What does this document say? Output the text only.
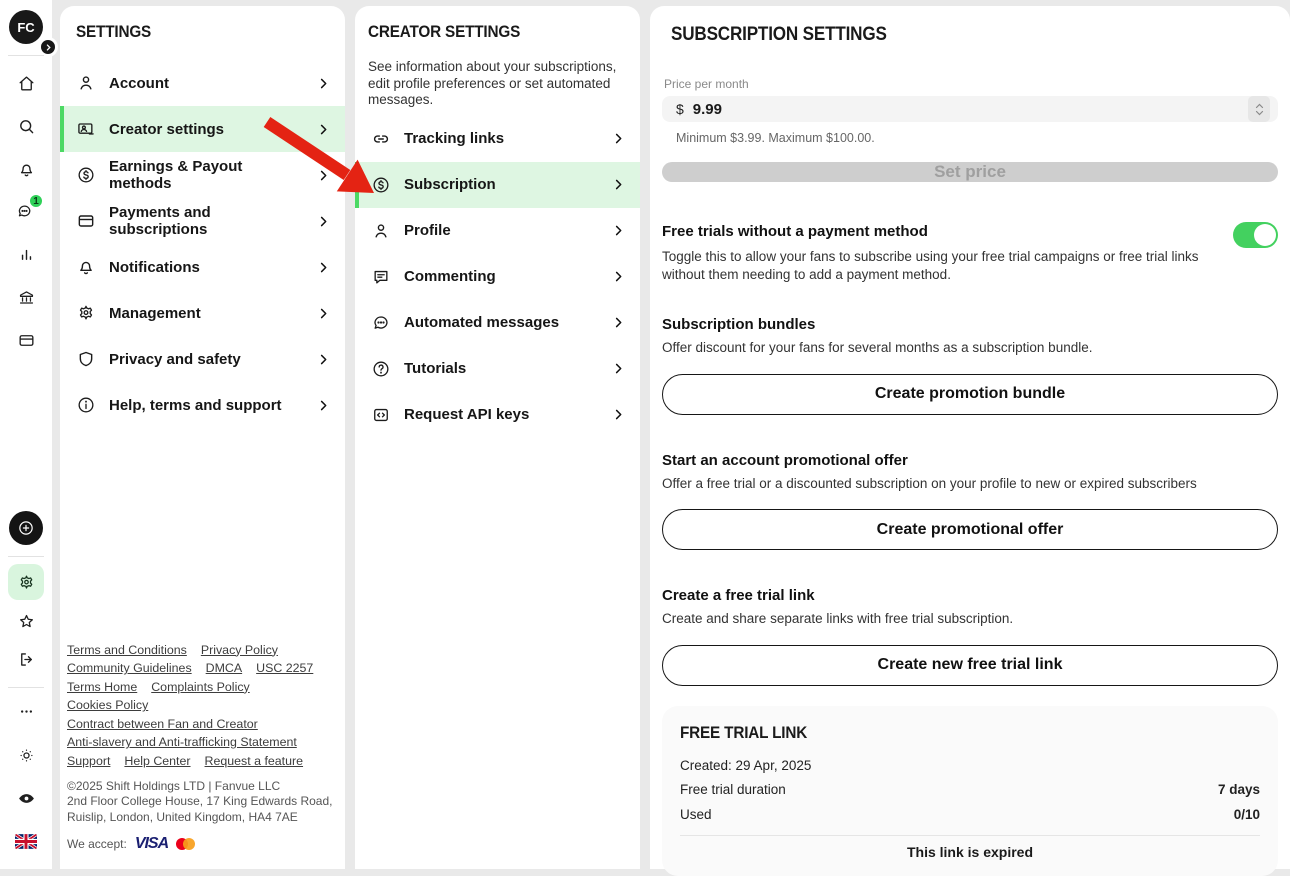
FC
1
SETTINGS
Account
Creator settings
Earnings & Payout methods
Payments and subscriptions
Notifications
Management
Privacy and safety
Help, terms and support
Terms and Conditions Privacy Policy
Community Guidelines DMCA USC 2257
Terms Home Complaints Policy
Cookies Policy
Contract between Fan and Creator
Anti-slavery and Anti-trafficking Statement
Support Help Center Request a feature
©2025 Shift Holdings LTD | Fanvue LLC
2nd Floor College House, 17 King Edwards Road,
Ruislip, London, United Kingdom, HA4 7AE
We accept: VISA
CREATOR SETTINGS

See information about your subscriptions, edit profile preferences or set automated messages.

Tracking links
Subscription
Profile
Commenting
Automated messages
Tutorials
Request API keys
SUBSCRIPTION SETTINGS
Price per month
$
9.99
Minimum $3.99. Maximum $100.00.
Set price
Free trials without a payment method
Toggle this to allow your fans to subscribe using your free trial campaigns or free trial links without them needing to add a payment method.
Subscription bundles
Offer discount for your fans for several months as a subscription bundle.
Create promotion bundle
Start an account promotional offer
Offer a free trial or a discounted subscription on your profile to new or expired subscribers
Create promotional offer
Create a free trial link
Create and share separate links with free trial subscription.
Create new free trial link
FREE TRIAL LINK
Created: 29 Apr, 2025
Free trial duration	7 days
Used	0/10
This link is expired
